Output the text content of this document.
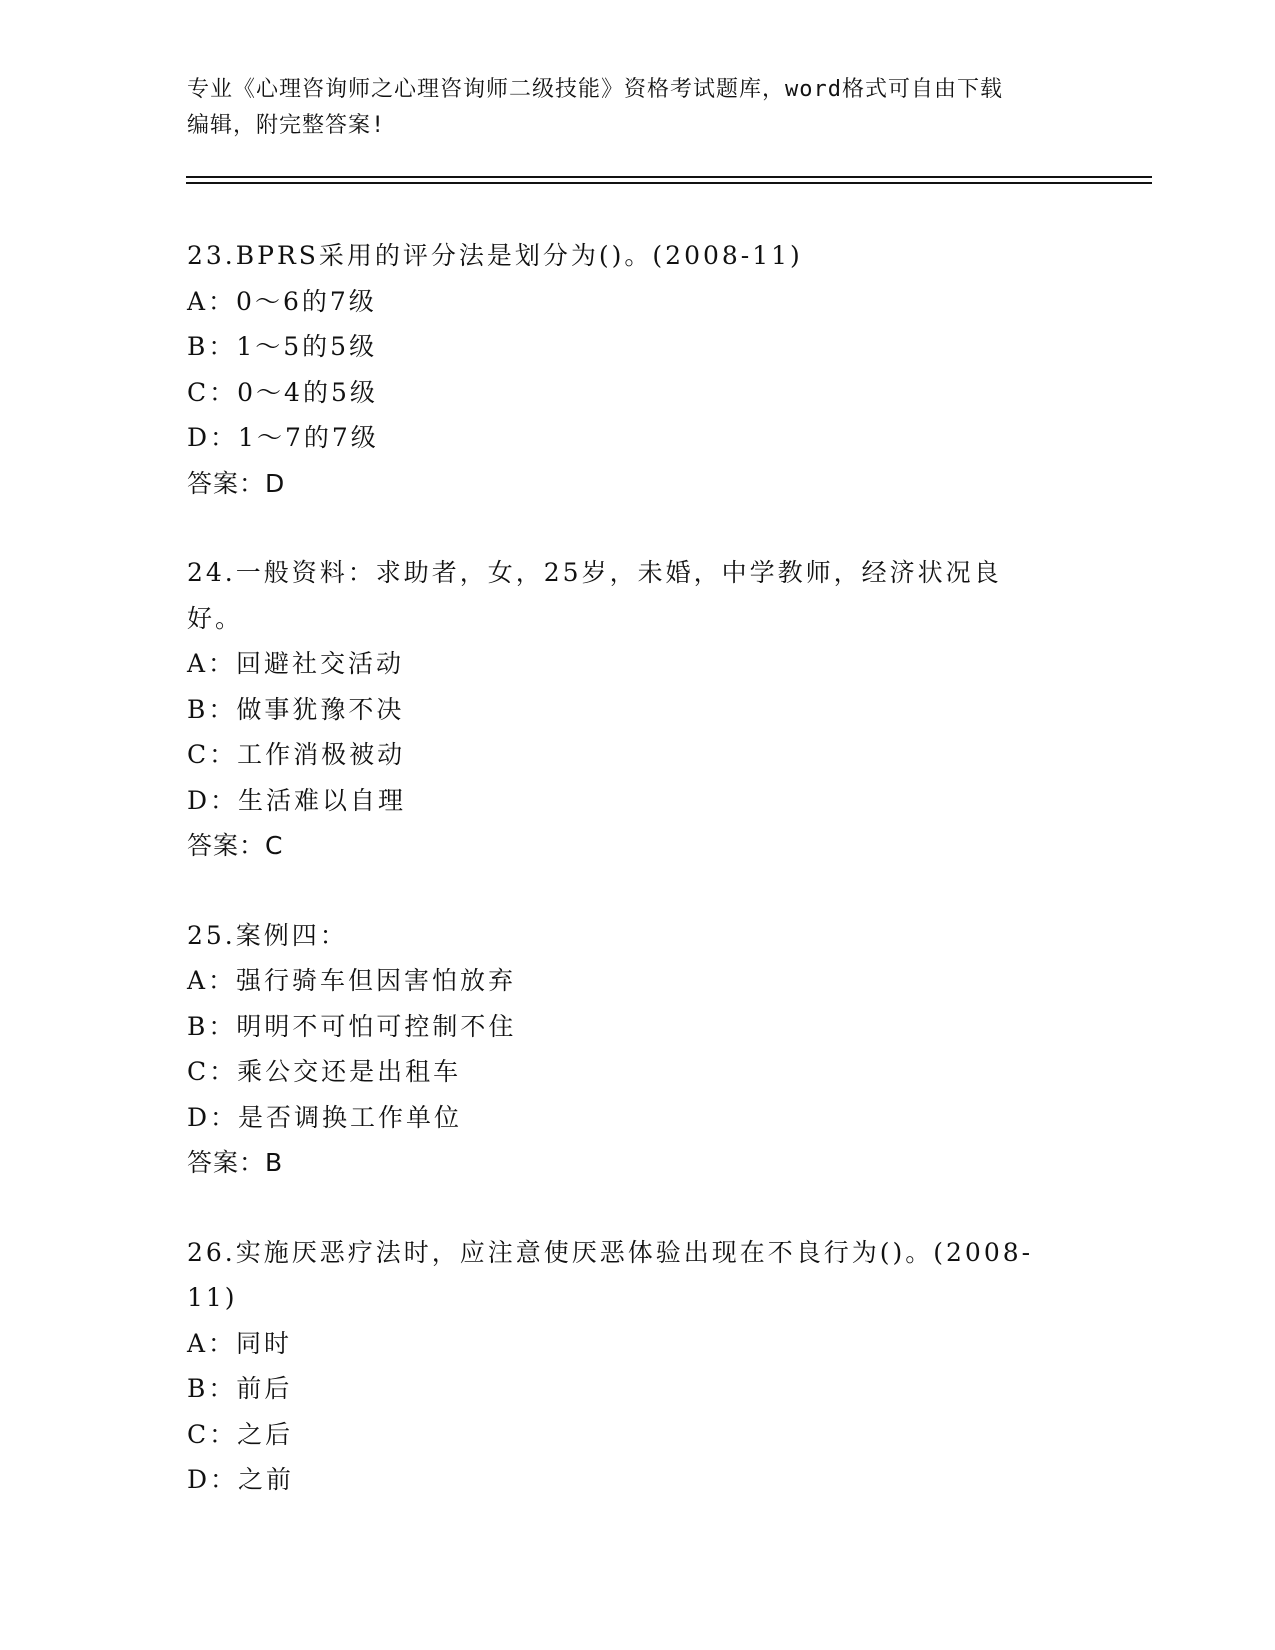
专业《心理咨询师之心理咨询师二级技能》资格考试题库，word格式可自由下载
编辑，附完整答案!
23.BPRS采用的评分法是划分为()。(2008-11)
A：0～6的7级
B：1～5的5级
C：0～4的5级
D：1～7的7级
答案：D
24.一般资料：求助者，女，25岁，未婚，中学教师，经济状况良好。
A：回避社交活动
B：做事犹豫不决
C：工作消极被动
D：生活难以自理
答案：C
25.案例四：
A：强行骑车但因害怕放弃
B：明明不可怕可控制不住
C：乘公交还是出租车
D：是否调换工作单位
答案：B
26.实施厌恶疗法时，应注意使厌恶体验出现在不良行为()。(2008-
11)
A：同时
B：前后
C：之后
D：之前
